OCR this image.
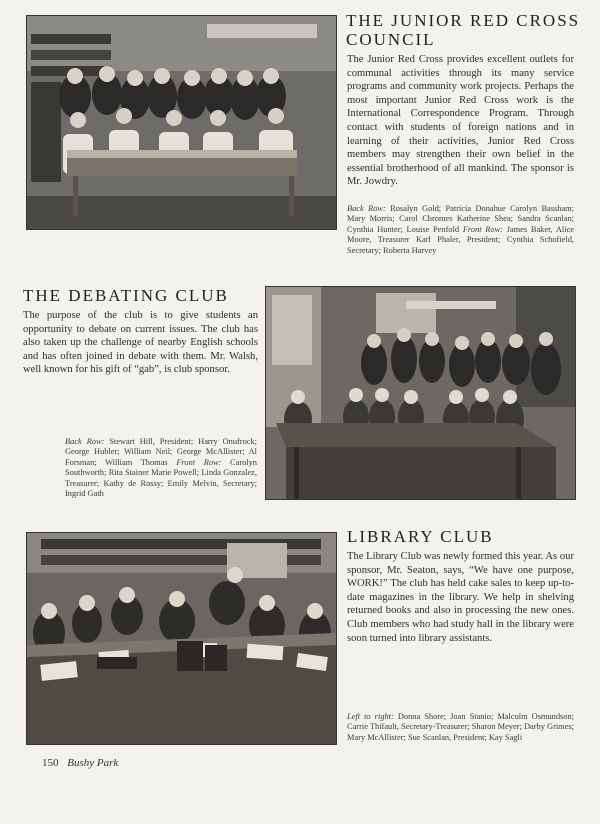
THE JUNIOR RED CROSS
COUNCIL

The Junior Red Cross provides excellent outlets for communal activities through its many service programs and community work projects. Perhaps the most important Junior Red Cross work is the International Correspondence Program. Through contact with students of foreign nations and in learning of their activities, Junior Red Cross members may strengthen their own belief in the essential brotherhood of all mankind. The sponsor is Mr. Jowdry.

Back Row: Rosalyn Gold; Patricia Donahue Carolyn Bassham; Mary Morris; Carol Chromes Katherine Shea; Sandra Scanlan; Cynthia Hunter; Louise Penfold Front Row: James Baker, Alice Moore, Treasurer Karl Phaler, President; Cynthia Schofield, Secretary; Roberta Harvey

THE DEBATING CLUB

The purpose of the club is to give students an opportunity to debate on current issues. The club has also taken up the challenge of nearby English schools and has often joined in debate with them. Mr. Walsh, well known for his gift of “gab”, is club sponsor.

Back Row: Stewart Hill, President; Harry Onufrock; George Hubler; William Neil; George McAllister; Al Forsman; William Thomas Front Row: Carolyn Southworth; Rita Stainer Marie Powell; Linda Gonzalez, Treasurer; Kathy de Rossy; Emily Melvin, Secretary; Ingrid Gath

LIBRARY CLUB

The Library Club was newly formed this year. As our sponsor, Mr. Seaton, says, “We have one purpose, WORK!” The club has held cake sales to keep up-to-date magazines in the library. We help in shelving returned books and also in processing the new ones. Club members who had study hall in the library were soon turned into library assistants.

Left to right: Donna Shore; Joan Stanio; Malcolm Osmundson; Carrie Thifault, Secretary-Treasurer; Sharon Meyer; Darby Grimes; Mary McAllister; Sue Scanlan, President; Kay Sagli

150 Bushy Park
